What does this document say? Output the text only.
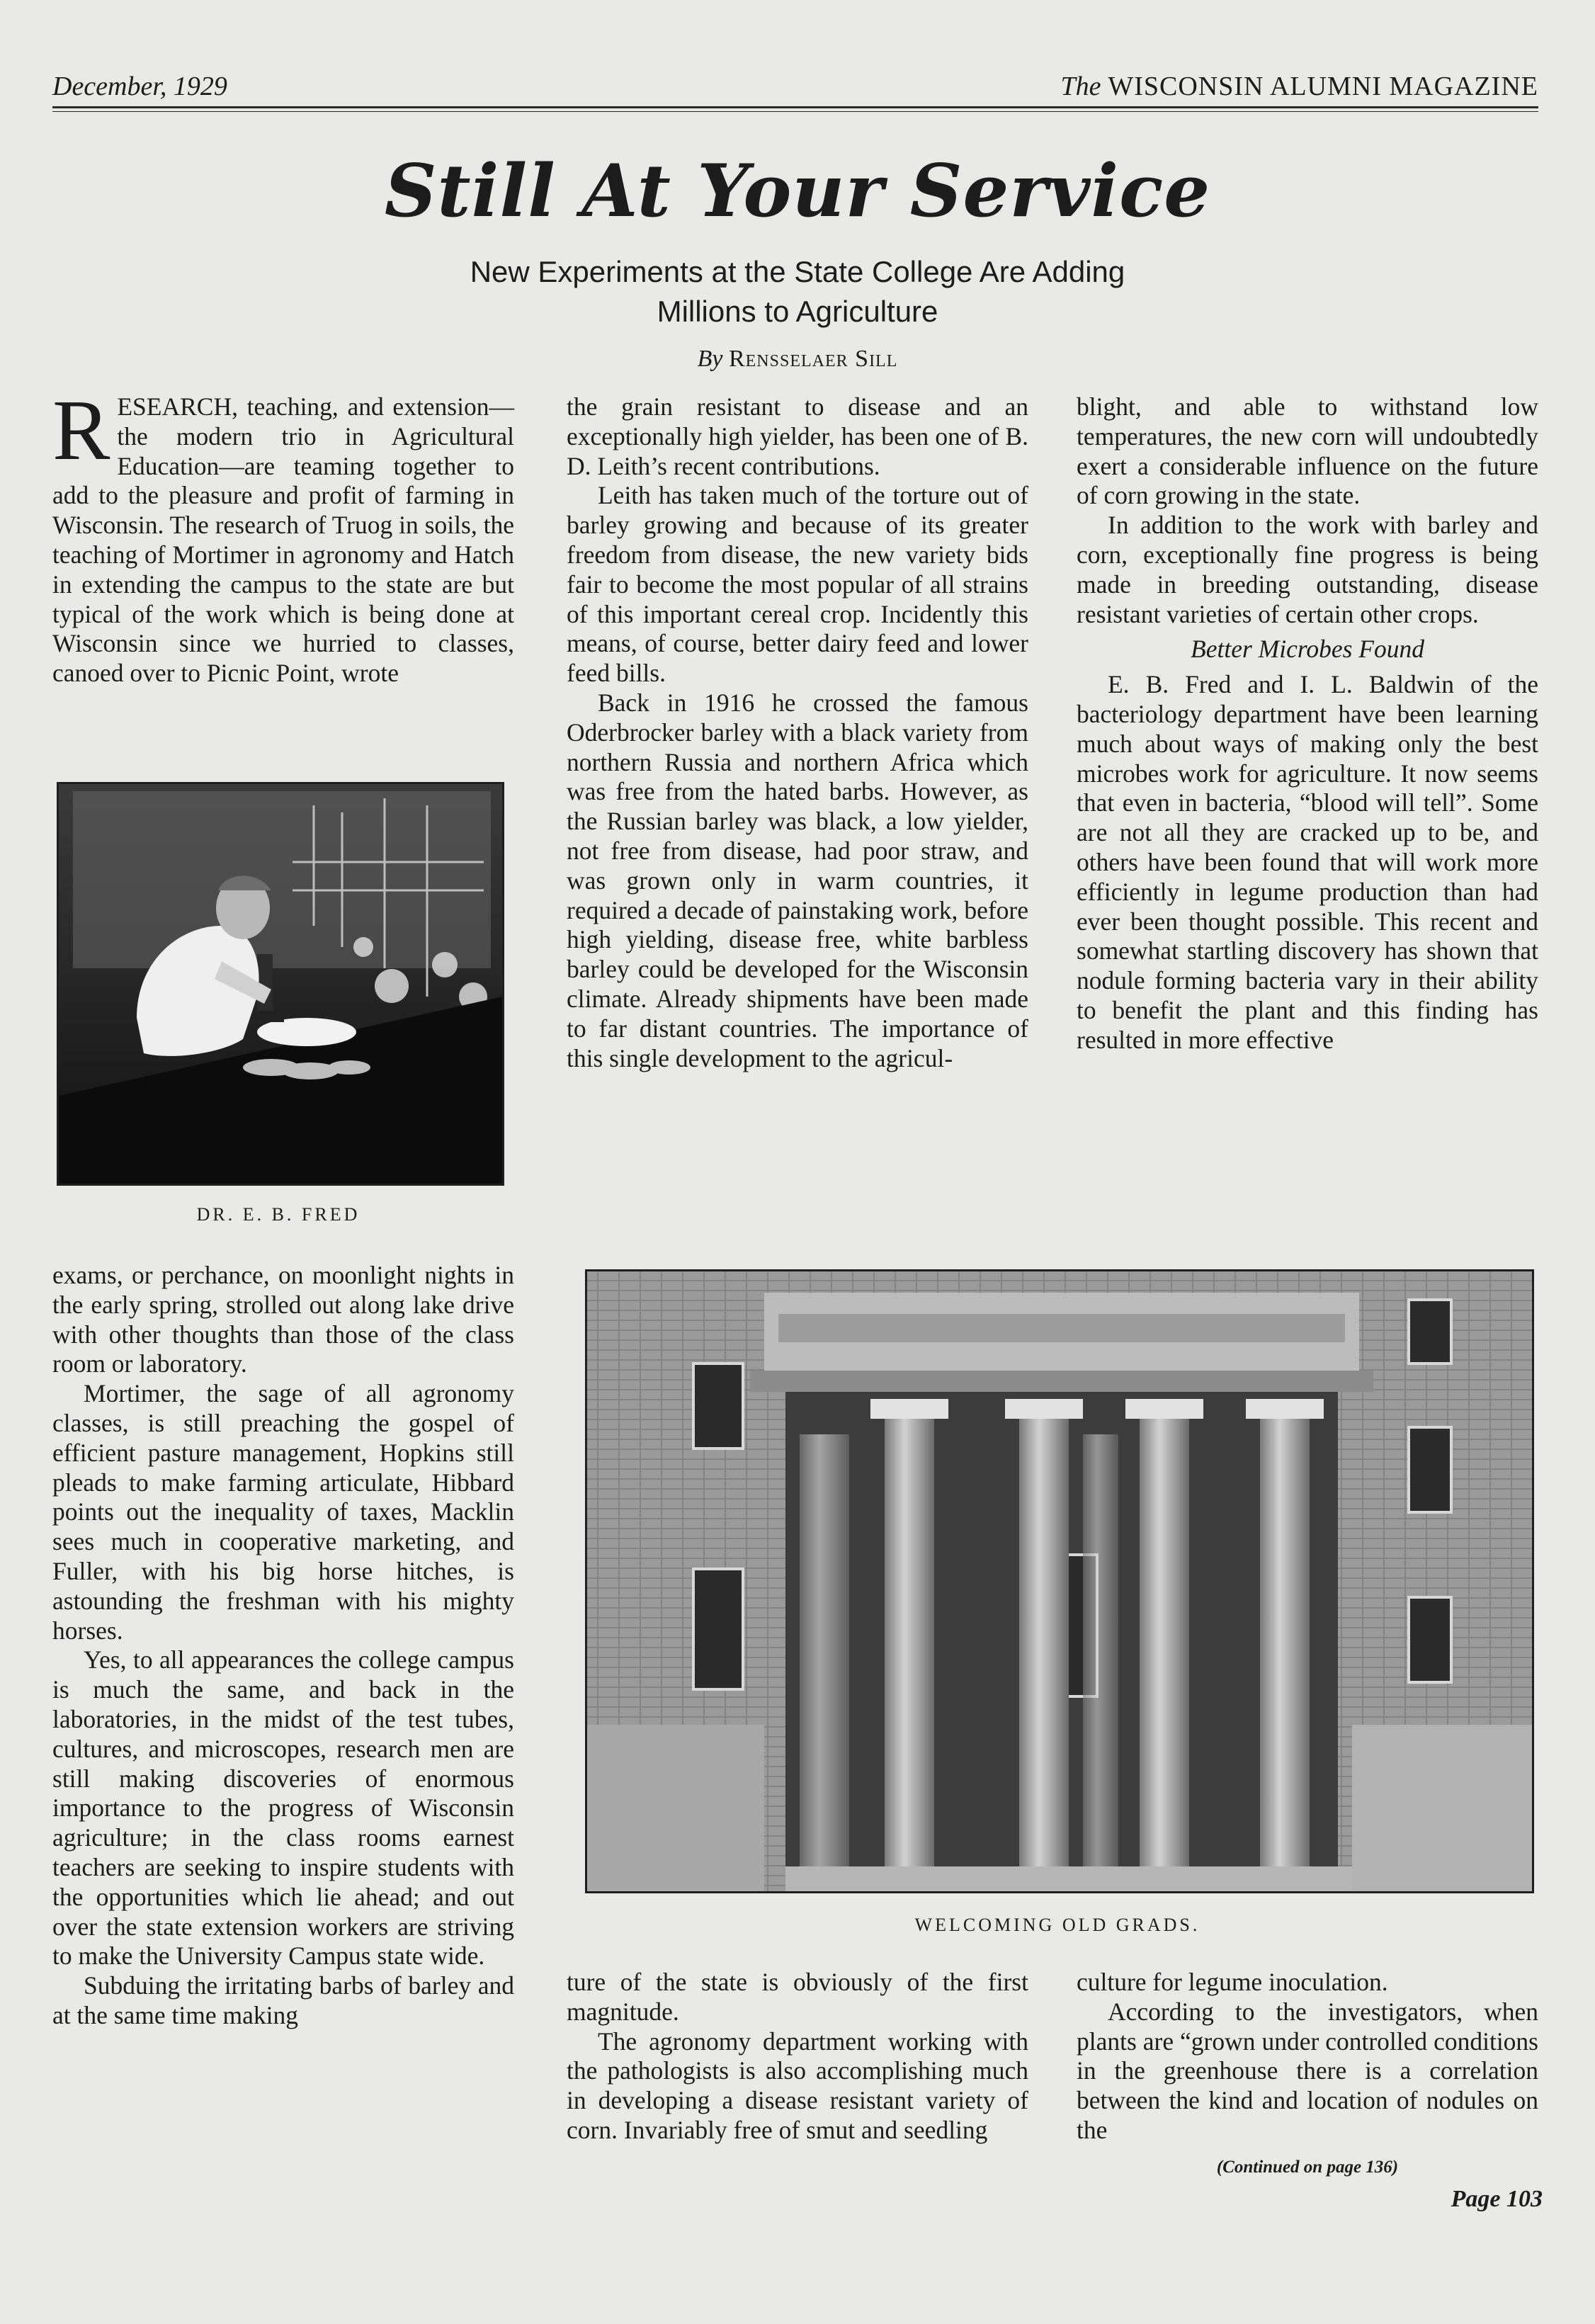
December, 1929	The WISCONSIN ALUMNI MAGAZINE
Still At Your Service
New Experiments at the State College Are Adding
Millions to Agriculture
By Rensselaer Sill

RESEARCH, teaching, and extension—the modern trio in Agricultural Education—are teaming together to add to the pleasure and profit of farming in Wisconsin. The research of Truog in soils, the teaching of Mortimer in agronomy and Hatch in extending the campus to the state are but typical of the work which is being done at Wisconsin since we hurried to classes, canoed over to Picnic Point, wrote

DR. E. B. FRED

exams, or perchance, on moonlight nights in the early spring, strolled out along lake drive with other thoughts than those of the class room or laboratory.

Mortimer, the sage of all agronomy classes, is still preaching the gospel of efficient pasture management, Hopkins still pleads to make farming articulate, Hibbard points out the inequality of taxes, Macklin sees much in cooperative marketing, and Fuller, with his big horse hitches, is astounding the freshman with his mighty horses.

Yes, to all appearances the college campus is much the same, and back in the laboratories, in the midst of the test tubes, cultures, and microscopes, research men are still making discoveries of enormous importance to the progress of Wisconsin agriculture; in the class rooms earnest teachers are seeking to inspire students with the opportunities which lie ahead; and out over the state extension workers are striving to make the University Campus state wide.

Subduing the irritating barbs of barley and at the same time making

the grain resistant to disease and an exceptionally high yielder, has been one of B. D. Leith’s recent contributions.

Leith has taken much of the torture out of barley growing and because of its greater freedom from disease, the new variety bids fair to become the most popular of all strains of this important cereal crop. Incidently this means, of course, better dairy feed and lower feed bills.

Back in 1916 he crossed the famous Oderbrocker barley with a black variety from northern Russia and northern Africa which was free from the hated barbs. However, as the Russian barley was black, a low yielder, not free from disease, had poor straw, and was grown only in warm countries, it required a decade of painstaking work, before high yielding, disease free, white barbless barley could be developed for the Wisconsin climate. Already shipments have been made to far distant countries. The importance of this single development to the agricul-

blight, and able to withstand low temperatures, the new corn will undoubtedly exert a considerable influence on the future of corn growing in the state.

In addition to the work with barley and corn, exceptionally fine progress is being made in breeding outstanding, disease resistant varieties of certain other crops.

Better Microbes Found

E. B. Fred and I. L. Baldwin of the bacteriology department have been learning much about ways of making only the best microbes work for agriculture. It now seems that even in bacteria, “blood will tell”. Some are not all they are cracked up to be, and others have been found that will work more efficiently in legume production than had ever been thought possible. This recent and somewhat startling discovery has shown that nodule forming bacteria vary in their ability to benefit the plant and this finding has resulted in more effective

WELCOMING OLD GRADS.

ture of the state is obviously of the first magnitude.

The agronomy department working with the pathologists is also accomplishing much in developing a disease resistant variety of corn. Invariably free of smut and seedling

culture for legume inoculation.

According to the investigators, when plants are “grown under controlled conditions in the greenhouse there is a correlation between the kind and location of nodules on the

(Continued on page 136)
Page 103
